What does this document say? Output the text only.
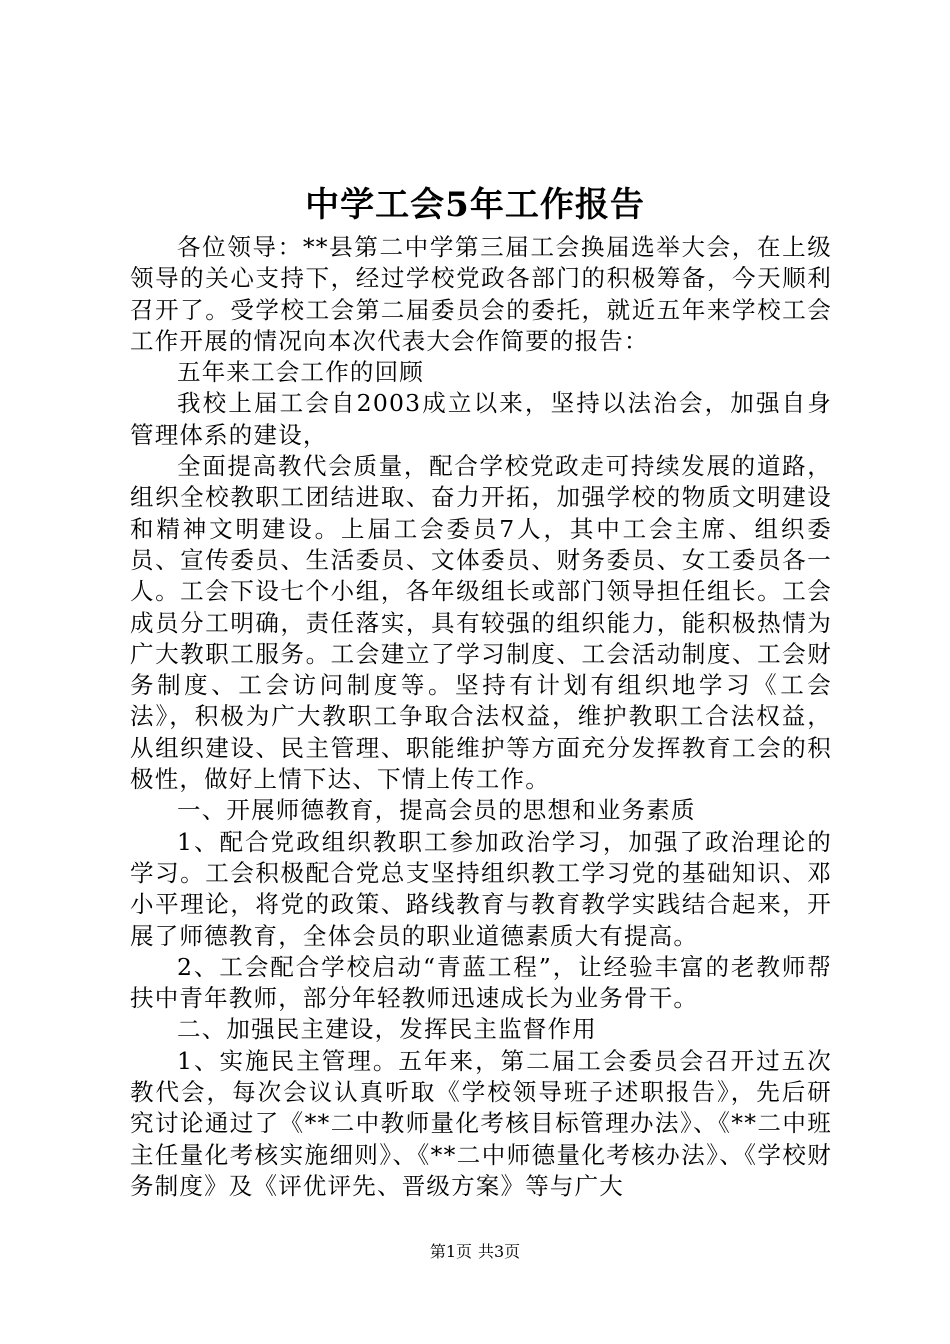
中学工会5年工作报告

各位领导：**县第二中学第三届工会换届选举大会，在上级领导的关心支持下，经过学校党政各部门的积极筹备，今天顺利召开了。受学校工会第二届委员会的委托，就近五年来学校工会工作开展的情况向本次代表大会作简要的报告：

五年来工会工作的回顾

我校上届工会自2003成立以来，坚持以法治会，加强自身管理体系的建设，

全面提高教代会质量，配合学校党政走可持续发展的道路，组织全校教职工团结进取、奋力开拓，加强学校的物质文明建设和精神文明建设。上届工会委员7人，其中工会主席、组织委员、宣传委员、生活委员、文体委员、财务委员、女工委员各一人。工会下设七个小组，各年级组长或部门领导担任组长。工会成员分工明确，责任落实，具有较强的组织能力，能积极热情为广大教职工服务。工会建立了学习制度、工会活动制度、工会财务制度、工会访问制度等。坚持有计划有组织地学习《工会法》，积极为广大教职工争取合法权益，维护教职工合法权益，从组织建设、民主管理、职能维护等方面充分发挥教育工会的积极性，做好上情下达、下情上传工作。

一、开展师德教育，提高会员的思想和业务素质

1、配合党政组织教职工参加政治学习，加强了政治理论的学习。工会积极配合党总支坚持组织教工学习党的基础知识、邓小平理论，将党的政策、路线教育与教育教学实践结合起来，开展了师德教育，全体会员的职业道德素质大有提高。

2、工会配合学校启动“青蓝工程”，让经验丰富的老教师帮扶中青年教师，部分年轻教师迅速成长为业务骨干。

二、加强民主建设，发挥民主监督作用

1、实施民主管理。五年来，第二届工会委员会召开过五次教代会，每次会议认真听取《学校领导班子述职报告》，先后研究讨论通过了《**二中教师量化考核目标管理办法》、《**二中班主任量化考核实施细则》、《**二中师德量化考核办法》、《学校财务制度》及《评优评先、晋级方案》等与广大

第1页 共3页
